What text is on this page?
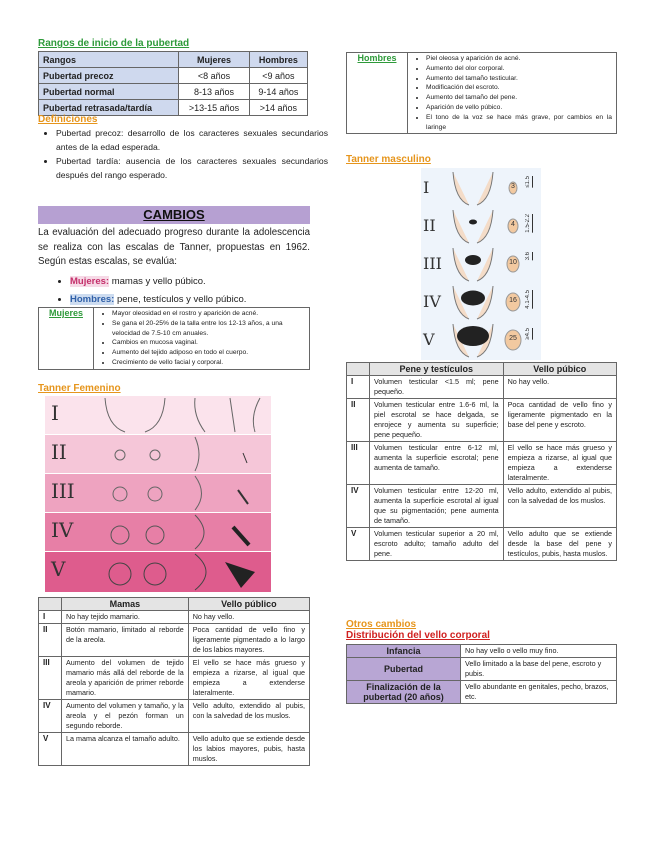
Rangos de inicio de la pubertad
Rangos	Mujeres	Hombres
Pubertad precoz	<8 años	<9 años
Pubertad normal	8-13 años	9-14 años
Pubertad retrasada/tardía	>13-15 años	>14 años
Definiciones
• Pubertad precoz: desarrollo de los caracteres sexuales secundarios antes de la edad esperada.
• Pubertad tardía: ausencia de los caracteres sexuales secundarios después del rango esperado.
CAMBIOS
La evaluación del adecuado progreso durante la adolescencia se realiza con las escalas de Tanner, propuestas en 1962. Según estas escalas, se evalúa:
• Mujeres: mamas y vello púbico.
• Hombres: pene, testículos y vello púbico.
Mujeres	
•Mayor oleosidad en el rostro y aparición de acné.
• Se gana el 20-25% de la talla entre los 12-13 años, a una velocidad de 7.5-10 cm anuales.
• Cambios en mucosa vaginal.
• Aumento del tejido adiposo en todo el cuerpo.
• Crecimiento de vello facial y corporal.
Tanner Femenino
I
II
III
IV
V
	Mamas	Vello público
I	No hay tejido mamario.	No hay vello.
II	Botón mamario, limitado al reborde de la areola.	Poca cantidad de vello fino y ligeramente pigmentado a lo largo de los labios mayores.
III	Aumento del volumen de tejido mamario más allá del reborde de la areola y aparición de primer reborde mamario.	El vello se hace más grueso y empieza a rizarse, al igual que empieza a extenderse lateralmente.
IV	Aumento del volumen y tamaño, y la areola y el pezón forman un segundo reborde.	Vello adulto, extendido al pubis, con la salvedad de los muslos.
V	La mama alcanza el tamaño adulto.	Vello adulto que se extiende desde los labios mayores, pubis, hasta muslos.
Hombres	
•Piel oleosa y aparición de acné.
• Aumento del olor corporal.
• Aumento del tamaño testicular.
• Modificación del escroto.
• Aumento del tamaño del pene.
• Aparición de vello púbico.
• El tono de la voz se hace más grave, por cambios en la laringe
Tanner masculino
I	3	≤1.5
II	4	1.5-2.2
III	10
3.6
IV	16	4.1-4.5
V	25	≥4.5
	Pene y testículos	Vello púbico
I	Volumen testicular <1.5 ml; pene pequeño.	No hay vello.
II	Volumen testicular entre 1.6-6 ml, la piel escrotal se hace delgada, se enrojece y aumenta su superficie; pene pequeño.	Poca cantidad de vello fino y ligeramente pigmentado en la base del pene y escroto.
III	Volumen testicular entre 6-12 ml, aumenta la superficie escrotal; pene aumenta de tamaño.	El vello se hace más grueso y empieza a rizarse, al igual que empieza a extenderse lateralmente.
IV	Volumen testicular entre 12-20 ml, aumenta la superficie escrotal al igual que su pigmentación; pene aumenta de tamaño.	Vello adulto, extendido al pubis, con la salvedad de los muslos.
V	Volumen testicular superior a 20 ml, escroto adulto; tamaño adulto del pene.	Vello adulto que se extiende desde la base del pene y testículos, pubis, hasta muslos.
Otros cambios
Distribución del vello corporal
Infancia	No hay vello o vello muy fino.
Pubertad	Vello limitado a la base del pene, escroto y pubis.
Finalización de la pubertad (20 años)	Vello abundante en genitales, pecho, brazos, etc.
